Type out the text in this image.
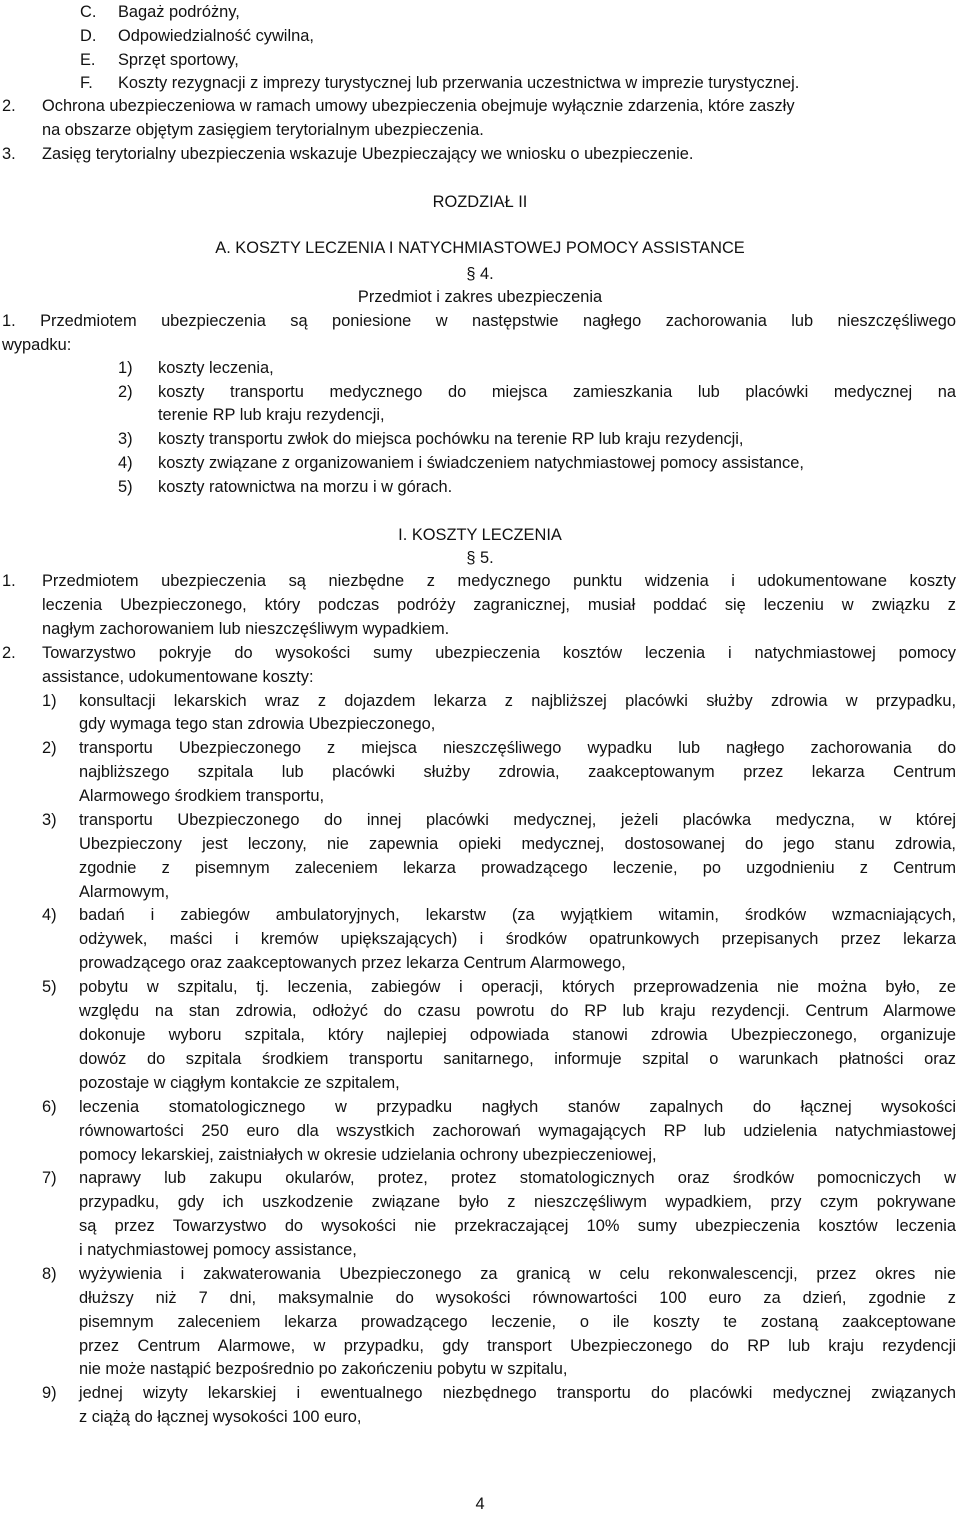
C. Bagaż podróżny,
D. Odpowiedzialność cywilna,
E. Sprzęt sportowy,
F. Koszty rezygnacji z imprezy turystycznej lub przerwania uczestnictwa w imprezie turystycznej.
2. Ochrona ubezpieczeniowa w ramach umowy ubezpieczenia obejmuje wyłącznie zdarzenia, które zaszły
na obszarze objętym zasięgiem terytorialnym ubezpieczenia.
3. Zasięg terytorialny ubezpieczenia wskazuje Ubezpieczający we wniosku o ubezpieczenie.
ROZDZIAŁ II
A. KOSZTY LECZENIA I NATYCHMIASTOWEJ POMOCY ASSISTANCE
§ 4.
Przedmiot i zakres ubezpieczenia
1. Przedmiotem ubezpieczenia są poniesione w następstwie nagłego zachorowania lub nieszczęśliwego
wypadku:
1) koszty leczenia,
2) koszty transportu medycznego do miejsca zamieszkania lub placówki medycznej na
terenie RP lub kraju rezydencji,
3) koszty transportu zwłok do miejsca pochówku na terenie RP lub kraju rezydencji,
4) koszty związane z organizowaniem i świadczeniem natychmiastowej pomocy assistance,
5) koszty ratownictwa na morzu i w górach.
I. KOSZTY LECZENIA
§ 5.
1. Przedmiotem ubezpieczenia są niezbędne z medycznego punktu widzenia i udokumentowane koszty
leczenia Ubezpieczonego, który podczas podróży zagranicznej, musiał poddać się leczeniu w związku z
nagłym zachorowaniem lub nieszczęśliwym wypadkiem.
2. Towarzystwo pokryje do wysokości sumy ubezpieczenia kosztów leczenia i natychmiastowej pomocy
assistance, udokumentowane koszty:
1) konsultacji lekarskich wraz z dojazdem lekarza z najbliższej placówki służby zdrowia w przypadku,
gdy wymaga tego stan zdrowia Ubezpieczonego,
2) transportu Ubezpieczonego z miejsca nieszczęśliwego wypadku lub nagłego zachorowania do
najbliższego szpitala lub placówki służby zdrowia, zaakceptowanym przez lekarza Centrum
Alarmowego środkiem transportu,
3) transportu Ubezpieczonego do innej placówki medycznej, jeżeli placówka medyczna, w której
Ubezpieczony jest leczony, nie zapewnia opieki medycznej, dostosowanej do jego stanu zdrowia,
zgodnie z pisemnym zaleceniem lekarza prowadzącego leczenie, po uzgodnieniu z Centrum
Alarmowym,
4) badań i zabiegów ambulatoryjnych, lekarstw (za wyjątkiem witamin, środków wzmacniających,
odżywek, maści i kremów upiększających) i środków opatrunkowych przepisanych przez lekarza
prowadzącego oraz zaakceptowanych przez lekarza Centrum Alarmowego,
5) pobytu w szpitalu, tj. leczenia, zabiegów i operacji, których przeprowadzenia nie można było, ze
względu na stan zdrowia, odłożyć do czasu powrotu do RP lub kraju rezydencji. Centrum Alarmowe
dokonuje wyboru szpitala, który najlepiej odpowiada stanowi zdrowia Ubezpieczonego, organizuje
dowóz do szpitala środkiem transportu sanitarnego, informuje szpital o warunkach płatności oraz
pozostaje w ciągłym kontakcie ze szpitalem,
6) leczenia stomatologicznego w przypadku nagłych stanów zapalnych do łącznej wysokości
równowartości 250 euro dla wszystkich zachorowań wymagających RP lub udzielenia natychmiastowej
pomocy lekarskiej, zaistniałych w okresie udzielania ochrony ubezpieczeniowej,
7) naprawy lub zakupu okularów, protez, protez stomatologicznych oraz środków pomocniczych w
przypadku, gdy ich uszkodzenie związane było z nieszczęśliwym wypadkiem, przy czym pokrywane
są przez Towarzystwo do wysokości nie przekraczającej 10% sumy ubezpieczenia kosztów leczenia
i natychmiastowej pomocy assistance,
8) wyżywienia i zakwaterowania Ubezpieczonego za granicą w celu rekonwalescencji, przez okres nie
dłuższy niż 7 dni, maksymalnie do wysokości równowartości 100 euro za dzień, zgodnie z
pisemnym zaleceniem lekarza prowadzącego leczenie, o ile koszty te zostaną zaakceptowane
przez Centrum Alarmowe, w przypadku, gdy transport Ubezpieczonego do RP lub kraju rezydencji
nie może nastąpić bezpośrednio po zakończeniu pobytu w szpitalu,
9) jednej wizyty lekarskiej i ewentualnego niezbędnego transportu do placówki medycznej związanych
z ciążą do łącznej wysokości 100 euro,
4
